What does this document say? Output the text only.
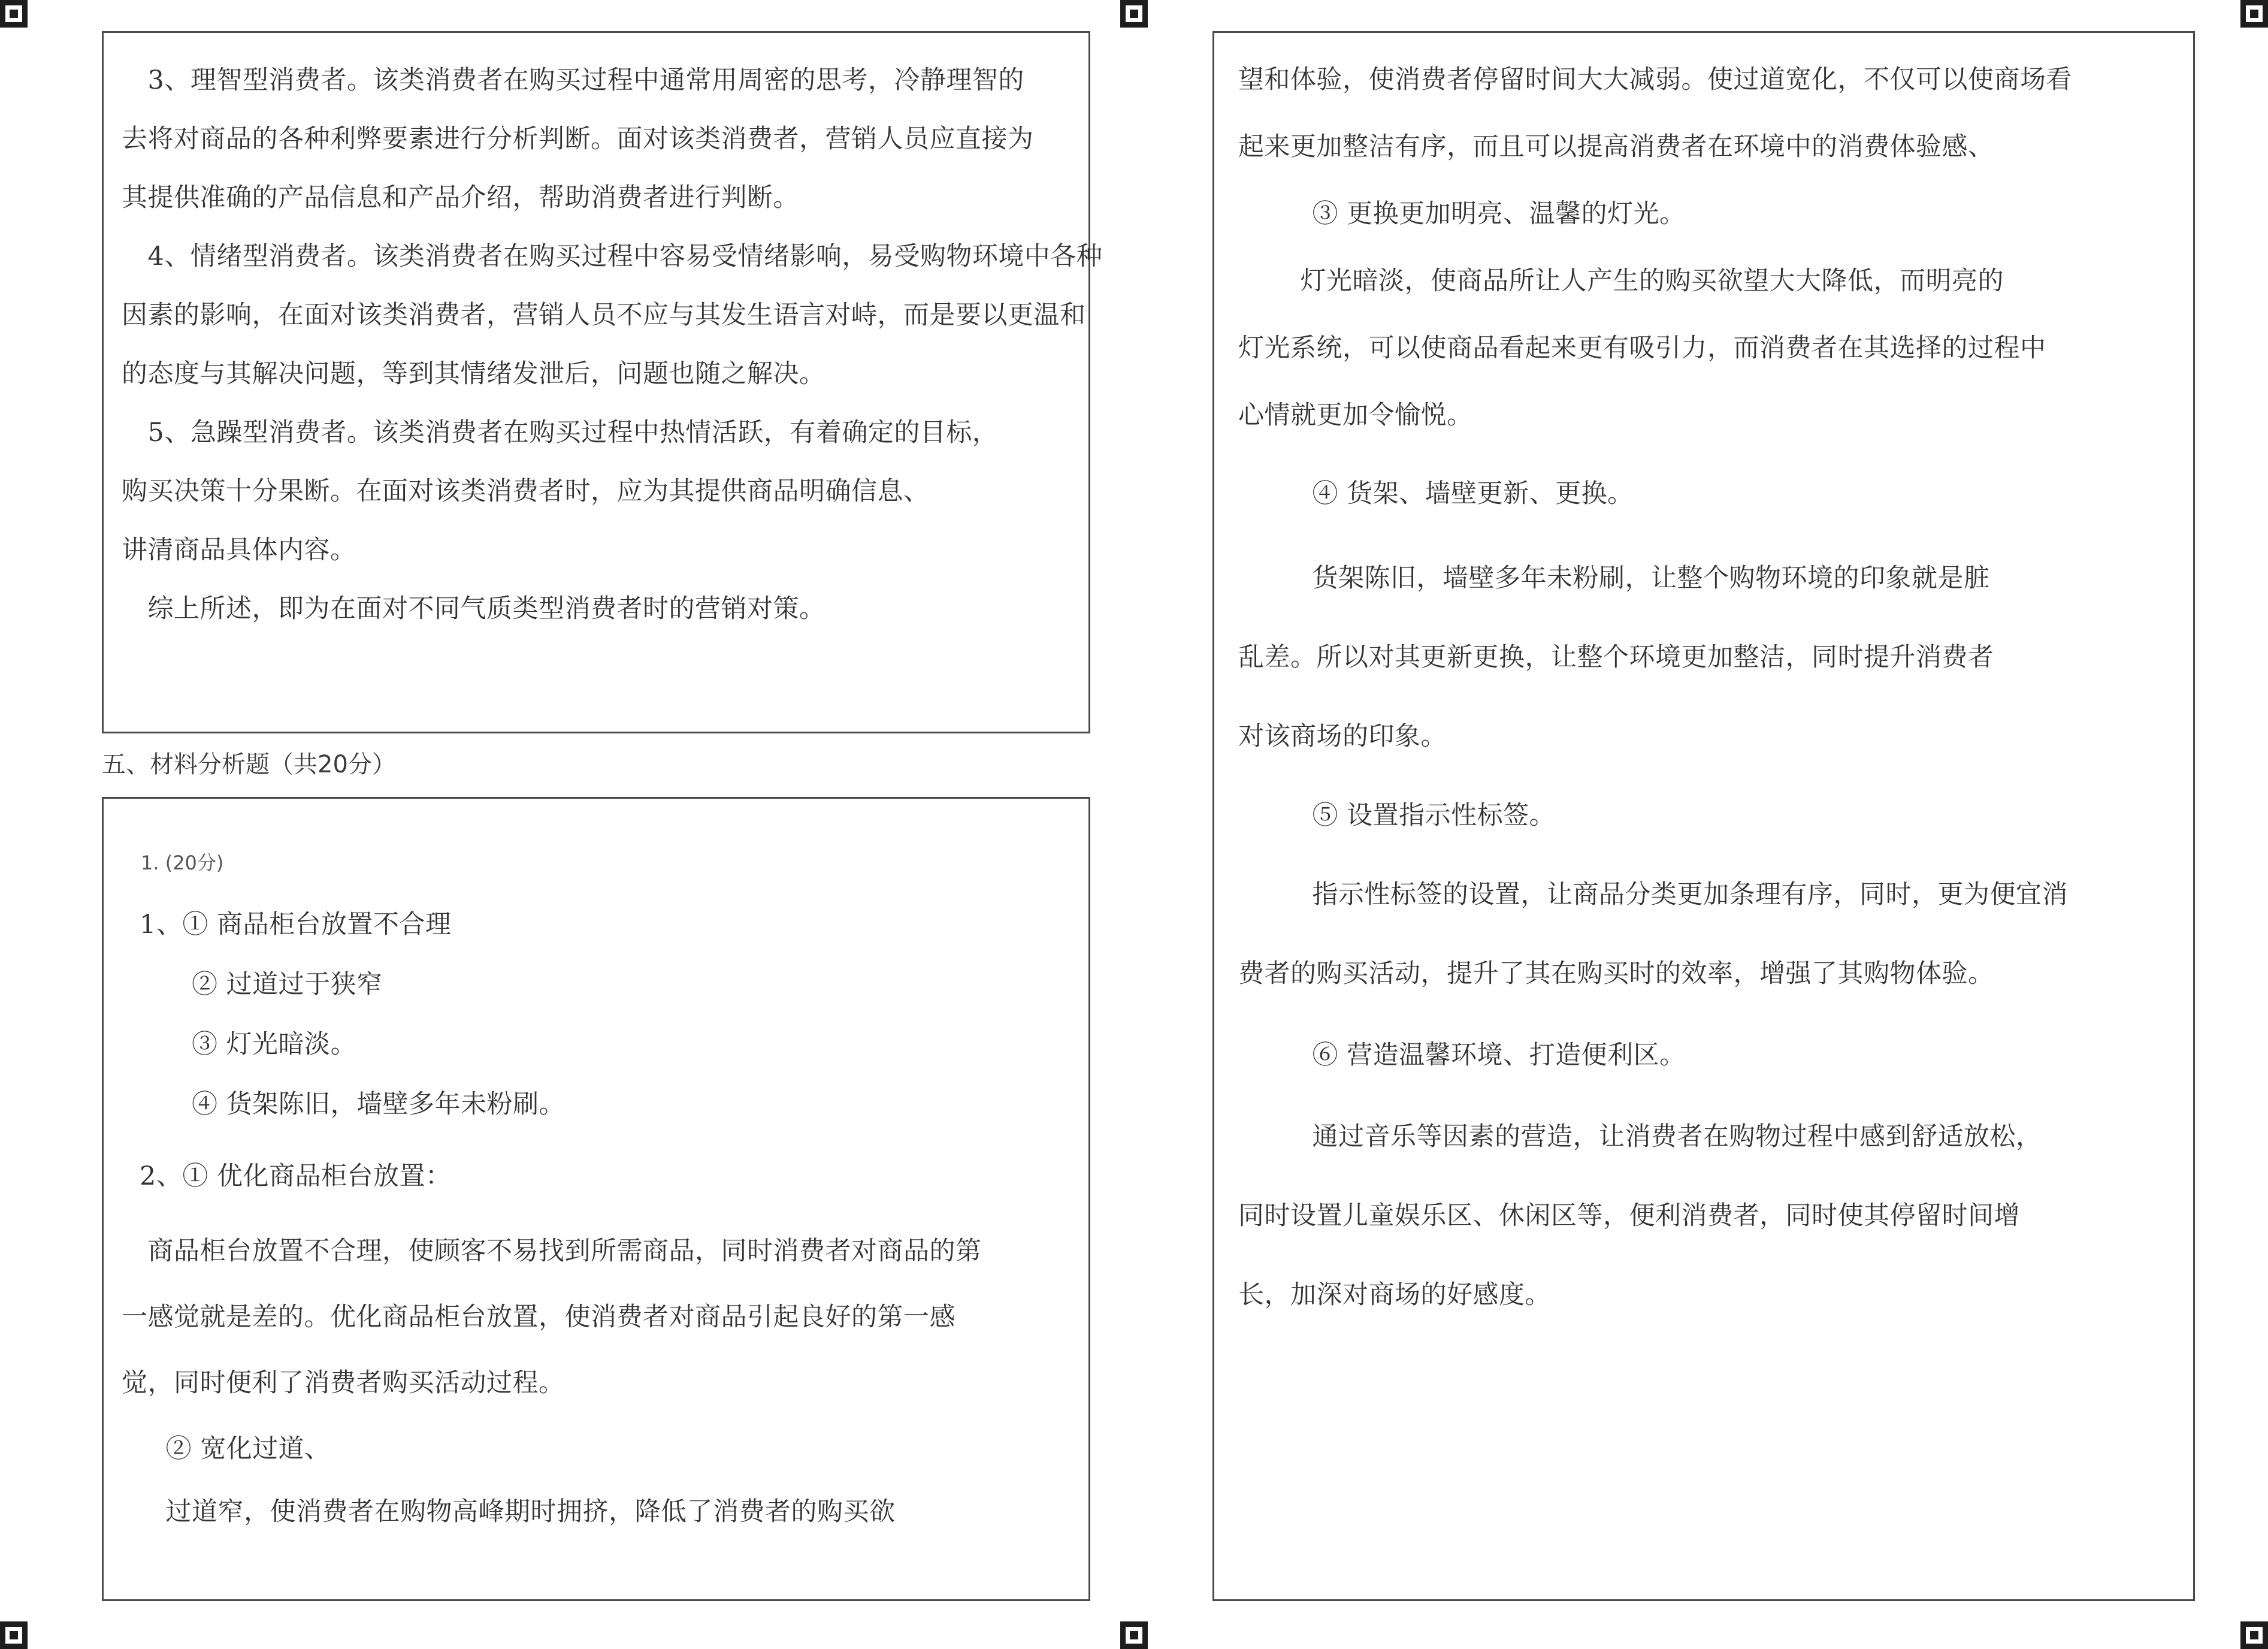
　3、理智型消费者。该类消费者在购买过程中通常用周密的思考，冷静理智的

去将对商品的各种利弊要素进行分析判断。面对该类消费者，营销人员应直接为

其提供准确的产品信息和产品介绍，帮助消费者进行判断。

　4、情绪型消费者。该类消费者在购买过程中容易受情绪影响，易受购物环境中各种

因素的影响，在面对该类消费者，营销人员不应与其发生语言对峙，而是要以更温和

的态度与其解决问题，等到其情绪发泄后，问题也随之解决。

　5、急躁型消费者。该类消费者在购买过程中热情活跃，有着确定的目标，

购买决策十分果断。在面对该类消费者时，应为其提供商品明确信息、

讲清商品具体内容。

　综上所述，即为在面对不同气质类型消费者时的营销对策。

五、材料分析题（共20分）

1. (20分)

1、① 商品柜台放置不合理

　　② 过道过于狭窄

　　③ 灯光暗淡。

　　④ 货架陈旧，墙壁多年未粉刷。

2、① 优化商品柜台放置：

　商品柜台放置不合理，使顾客不易找到所需商品，同时消费者对商品的第

一感觉就是差的。优化商品柜台放置，使消费者对商品引起良好的第一感

觉，同时便利了消费者购买活动过程。

　② 宽化过道、

　过道窄，使消费者在购物高峰期时拥挤，降低了消费者的购买欲

望和体验，使消费者停留时间大大减弱。使过道宽化，不仅可以使商场看

起来更加整洁有序，而且可以提高消费者在环境中的消费体验感、

　③ 更换更加明亮、温馨的灯光。

　灯光暗淡，使商品所让人产生的购买欲望大大降低，而明亮的

灯光系统，可以使商品看起来更有吸引力，而消费者在其选择的过程中

心情就更加令愉悦。

　④ 货架、墙壁更新、更换。

　货架陈旧，墙壁多年未粉刷，让整个购物环境的印象就是脏

乱差。所以对其更新更换，让整个环境更加整洁，同时提升消费者

对该商场的印象。

　⑤ 设置指示性标签。

　指示性标签的设置，让商品分类更加条理有序，同时，更为便宜消

费者的购买活动，提升了其在购买时的效率，增强了其购物体验。

　⑥ 营造温馨环境、打造便利区。

　通过音乐等因素的营造，让消费者在购物过程中感到舒适放松，

同时设置儿童娱乐区、休闲区等，便利消费者，同时使其停留时间增

长，加深对商场的好感度。
